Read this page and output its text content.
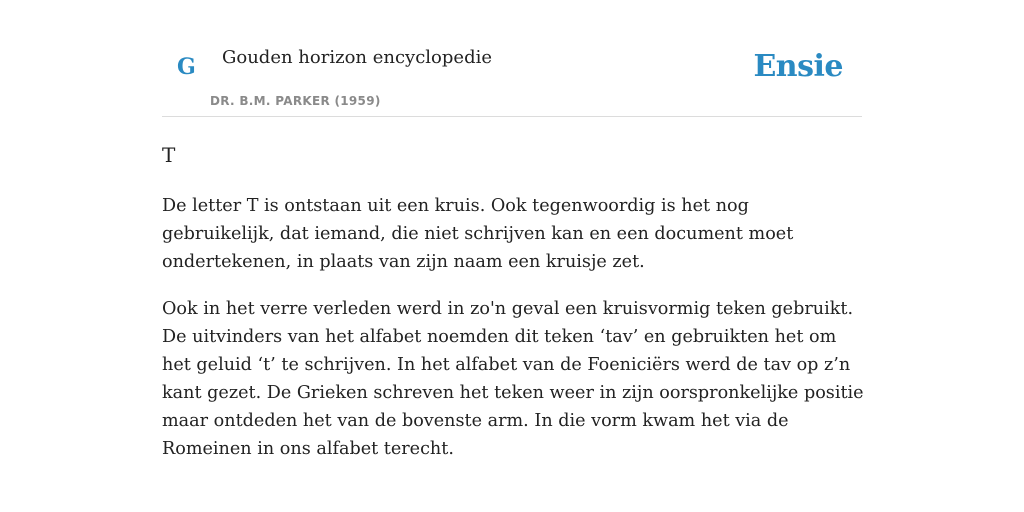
G Gouden horizon encyclopedie
DR. B.M. PARKER (1959)
Ensie
T

De letter T is ontstaan uit een kruis. Ook tegenwoordig is het nog gebruikelijk, dat iemand, die niet schrijven kan en een document moet ondertekenen, in plaats van zijn naam een kruisje zet.

Ook in het verre verleden werd in zo'n geval een kruisvormig teken gebruikt. De uitvinders van het alfabet noemden dit teken ‘tav’ en gebruikten het om het geluid ‘t’ te schrijven. In het alfabet van de Foeniciërs werd de tav op z’n kant gezet. De Grieken schreven het teken weer in zijn oorspronkelijke positie maar ontdeden het van de bovenste arm. In die vorm kwam het via de Romeinen in ons alfabet terecht.
